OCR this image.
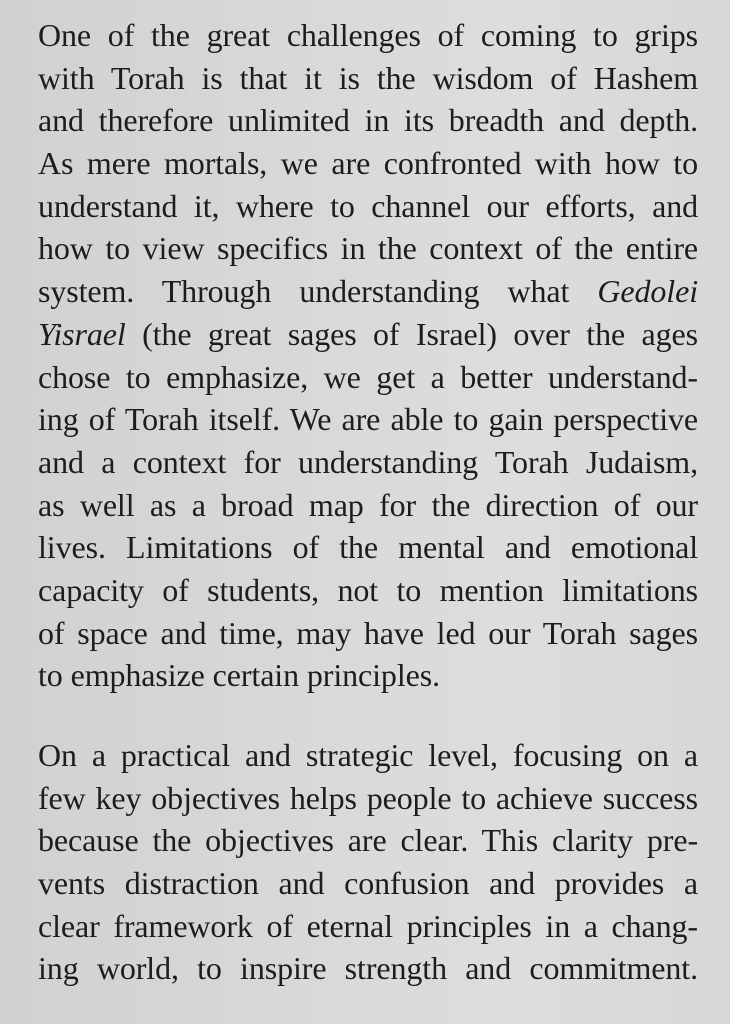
One of the great challenges of coming to grips
with Torah is that it is the wisdom of Hashem
and therefore unlimited in its breadth and depth.
As mere mortals, we are confronted with how to
understand it, where to channel our efforts, and
how to view specifics in the context of the entire
system. Through understanding what Gedolei
Yisrael (the great sages of Israel) over the ages
chose to emphasize, we get a better understand-
ing of Torah itself. We are able to gain perspective
and a context for understanding Torah Judaism,
as well as a broad map for the direction of our
lives. Limitations of the mental and emotional
capacity of students, not to mention limitations
of space and time, may have led our Torah sages
to emphasize certain principles.
On a practical and strategic level, focusing on a
few key objectives helps people to achieve success
because the objectives are clear. This clarity pre-
vents distraction and confusion and provides a
clear framework of eternal principles in a chang-
ing world, to inspire strength and commitment.
